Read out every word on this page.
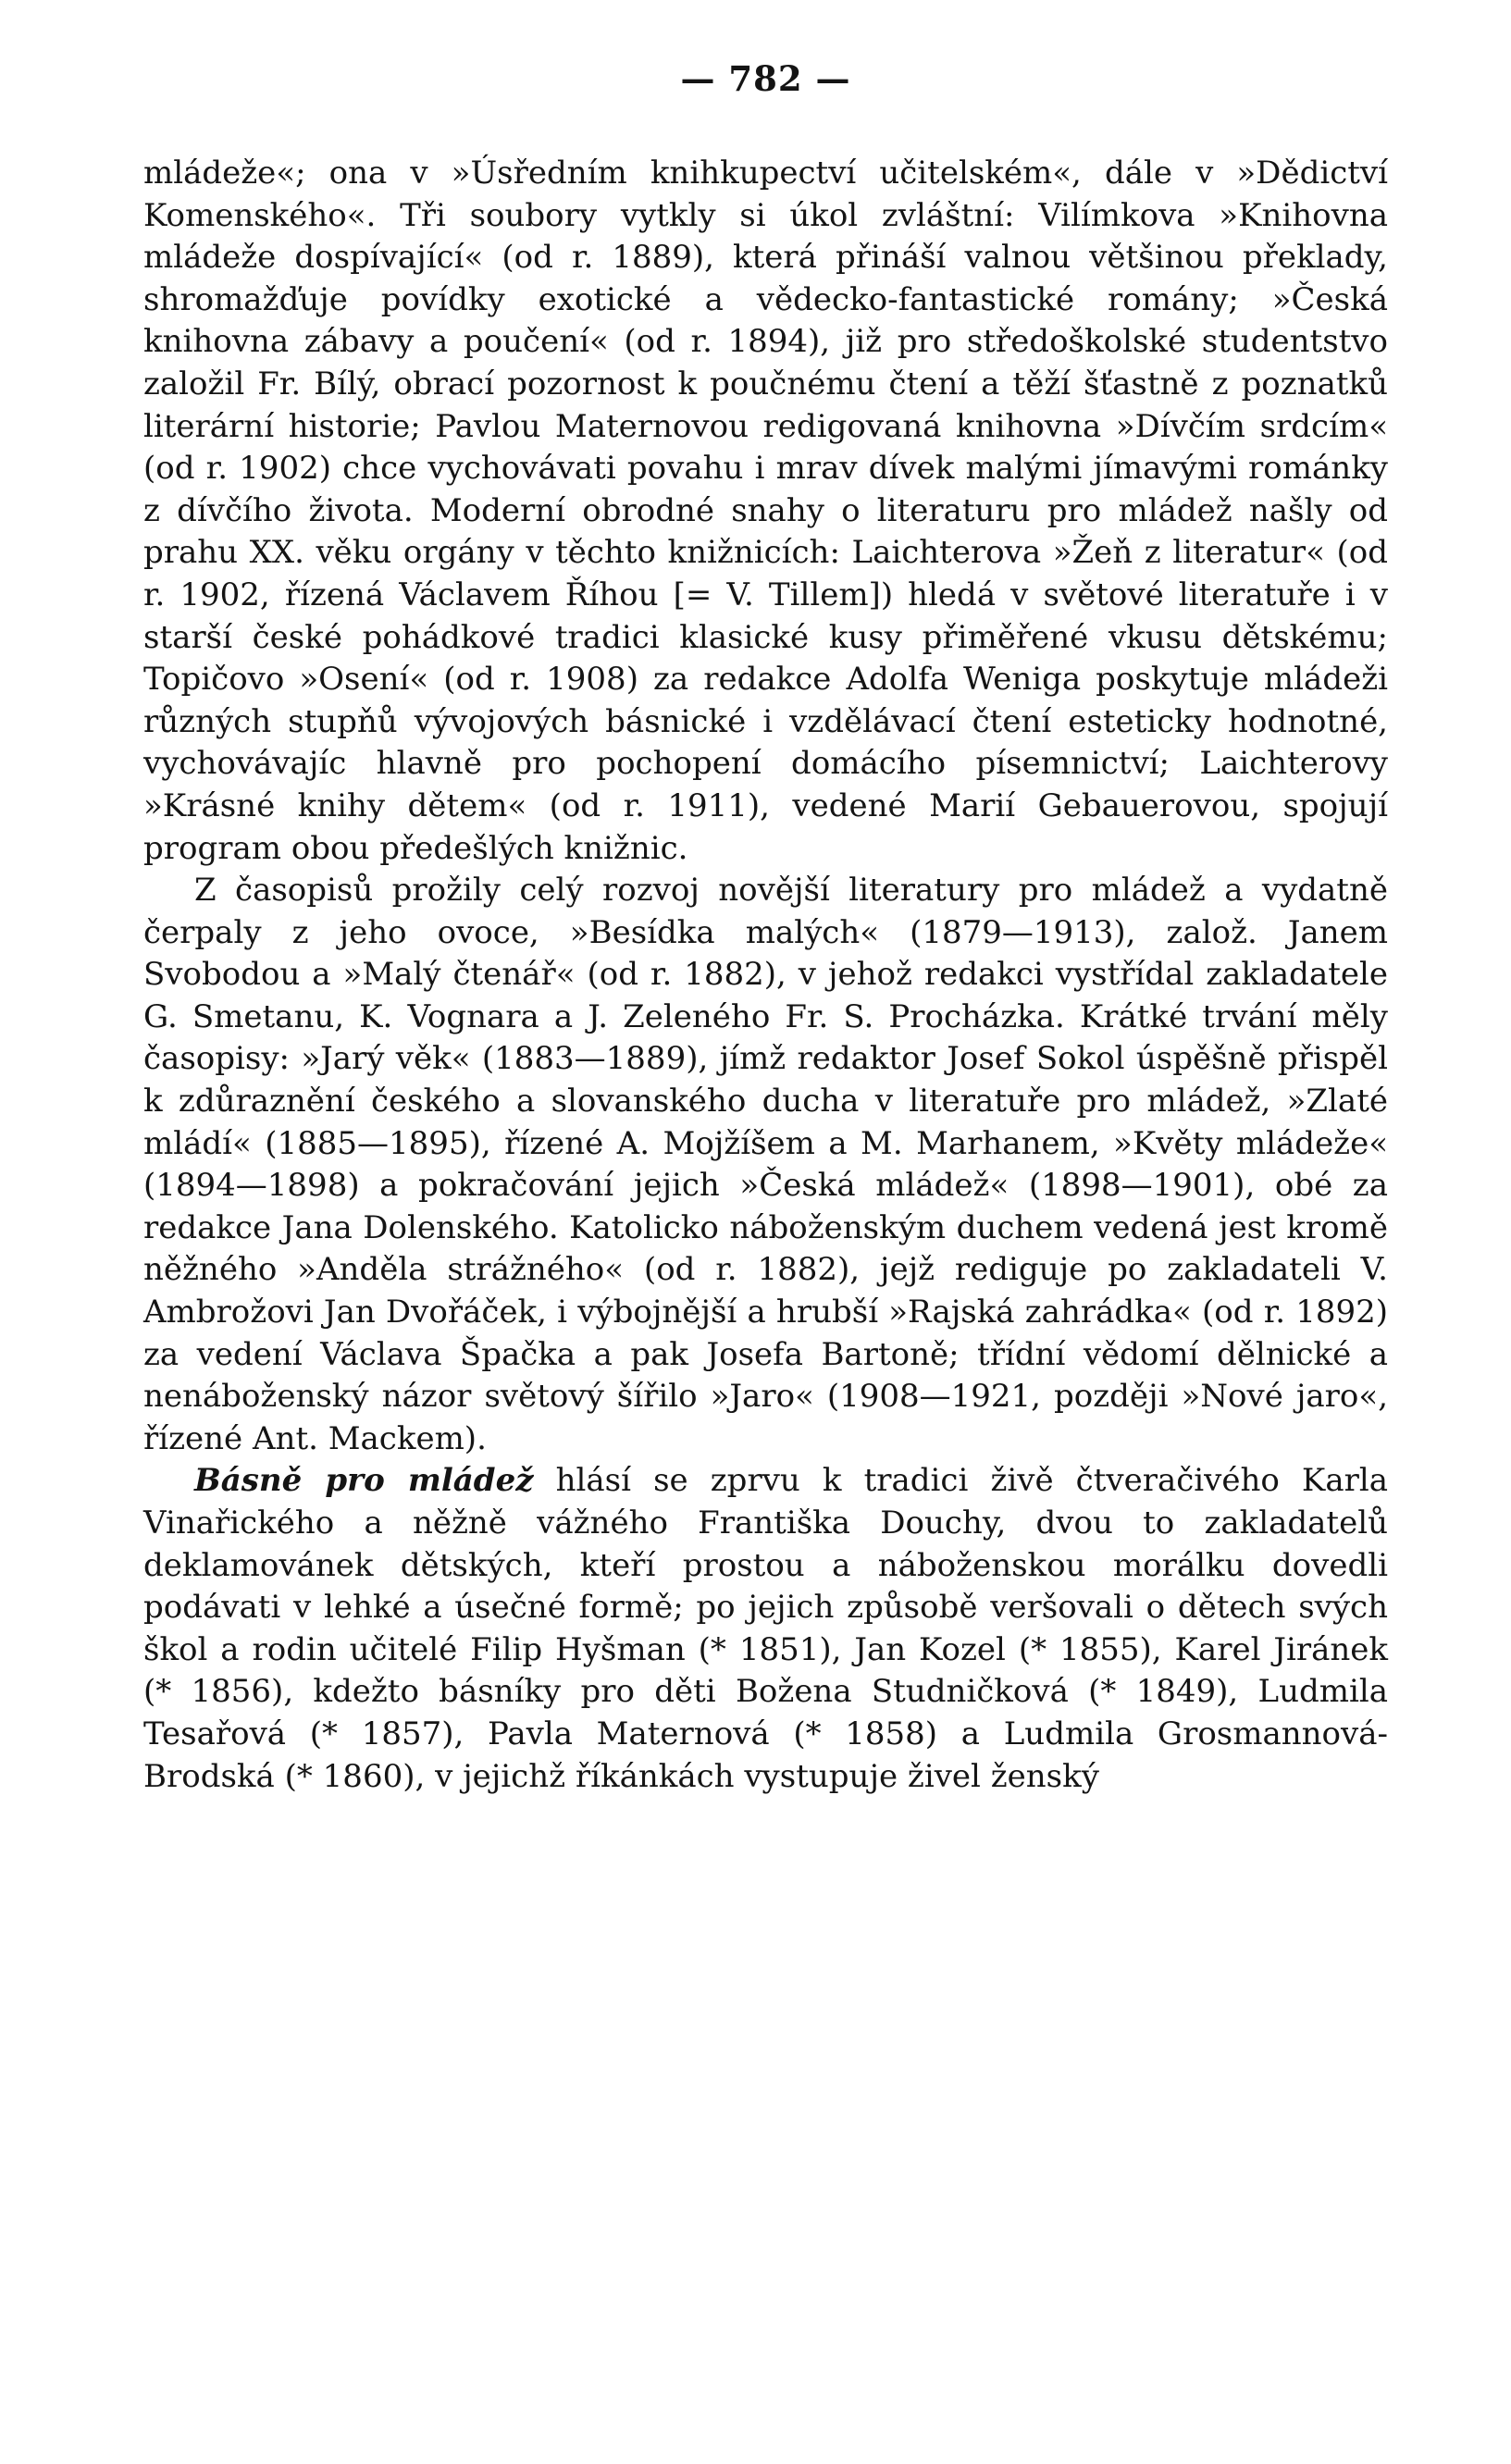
— 782 —

mládeže«; ona v »Úsředním knihkupectví učitelském«, dále v »Dědictví Komenského«. Tři soubory vytkly si úkol zvláštní: Vilímkova »Knihovna mládeže dospívající« (od r. 1889), která přináší valnou většinou překlady, shromažďuje povídky exotické a vědecko-fantastické romány; »Česká knihovna zábavy a poučení« (od r. 1894), již pro středoškolské studentstvo založil Fr. Bílý, obrací pozornost k poučnému čtení a těží šťastně z poznatků literární historie; Pavlou Maternovou redigovaná knihovna »Dívčím srdcím« (od r. 1902) chce vychovávati povahu i mrav dívek malými jímavými románky z dívčího života. Moderní obrodné snahy o literaturu pro mládež našly od prahu XX. věku orgány v těchto knižnicích: Laichterova »Žeň z literatur« (od r. 1902, řízená Václavem Říhou [= V. Tillem]) hledá v světové literatuře i v starší české pohádkové tradici klasické kusy přiměřené vkusu dětskému; Topičovo »Osení« (od r. 1908) za redakce Adolfa Weniga poskytuje mládeži různých stupňů vývojových básnické i vzdělávací čtení esteticky hodnotné, vychovávajíc hlavně pro pochopení domácího písemnictví; Laichterovy »Krásné knihy dětem« (od r. 1911), vedené Marií Gebauerovou, spojují program obou předešlých knižnic.

Z časopisů prožily celý rozvoj novější literatury pro mládež a vydatně čerpaly z jeho ovoce, »Besídka malých« (1879—1913), založ. Janem Svobodou a »Malý čtenář« (od r. 1882), v jehož redakci vystřídal zakladatele G. Smetanu, K. Vognara a J. Zeleného Fr. S. Procházka. Krátké trvání měly časopisy: »Jarý věk« (1883—1889), jímž redaktor Josef Sokol úspěšně přispěl k zdůraznění českého a slovanského ducha v literatuře pro mládež, »Zlaté mládí« (1885—1895), řízené A. Mojžíšem a M. Marhanem, »Květy mládeže« (1894—1898) a pokračování jejich »Česká mládež« (1898—1901), obé za redakce Jana Dolenského. Katolicko náboženským duchem vedená jest kromě něžného »Anděla strážného« (od r. 1882), jejž rediguje po zakladateli V. Ambrožovi Jan Dvořáček, i výbojnější a hrubší »Rajská zahrádka« (od r. 1892) za vedení Václava Špačka a pak Josefa Bartoně; třídní vědomí dělnické a nenáboženský názor světový šířilo »Jaro« (1908—1921, později »Nové jaro«, řízené Ant. Mackem).

Básně pro mládež hlásí se zprvu k tradici živě čtveračivého Karla Vinařického a něžně vážného Františka Douchy, dvou to zakladatelů deklamovánek dětských, kteří prostou a náboženskou morálku dovedli podávati v lehké a úsečné formě; po jejich způsobě veršovali o dětech svých škol a rodin učitelé Filip Hyšman (* 1851), Jan Kozel (* 1855), Karel Jiránek (* 1856), kdežto básníky pro děti Božena Studničková (* 1849), Ludmila Tesařová (* 1857), Pavla Maternová (* 1858) a Ludmila Grosmannová-Brodská (* 1860), v jejichž říkánkách vystupuje živel ženský
